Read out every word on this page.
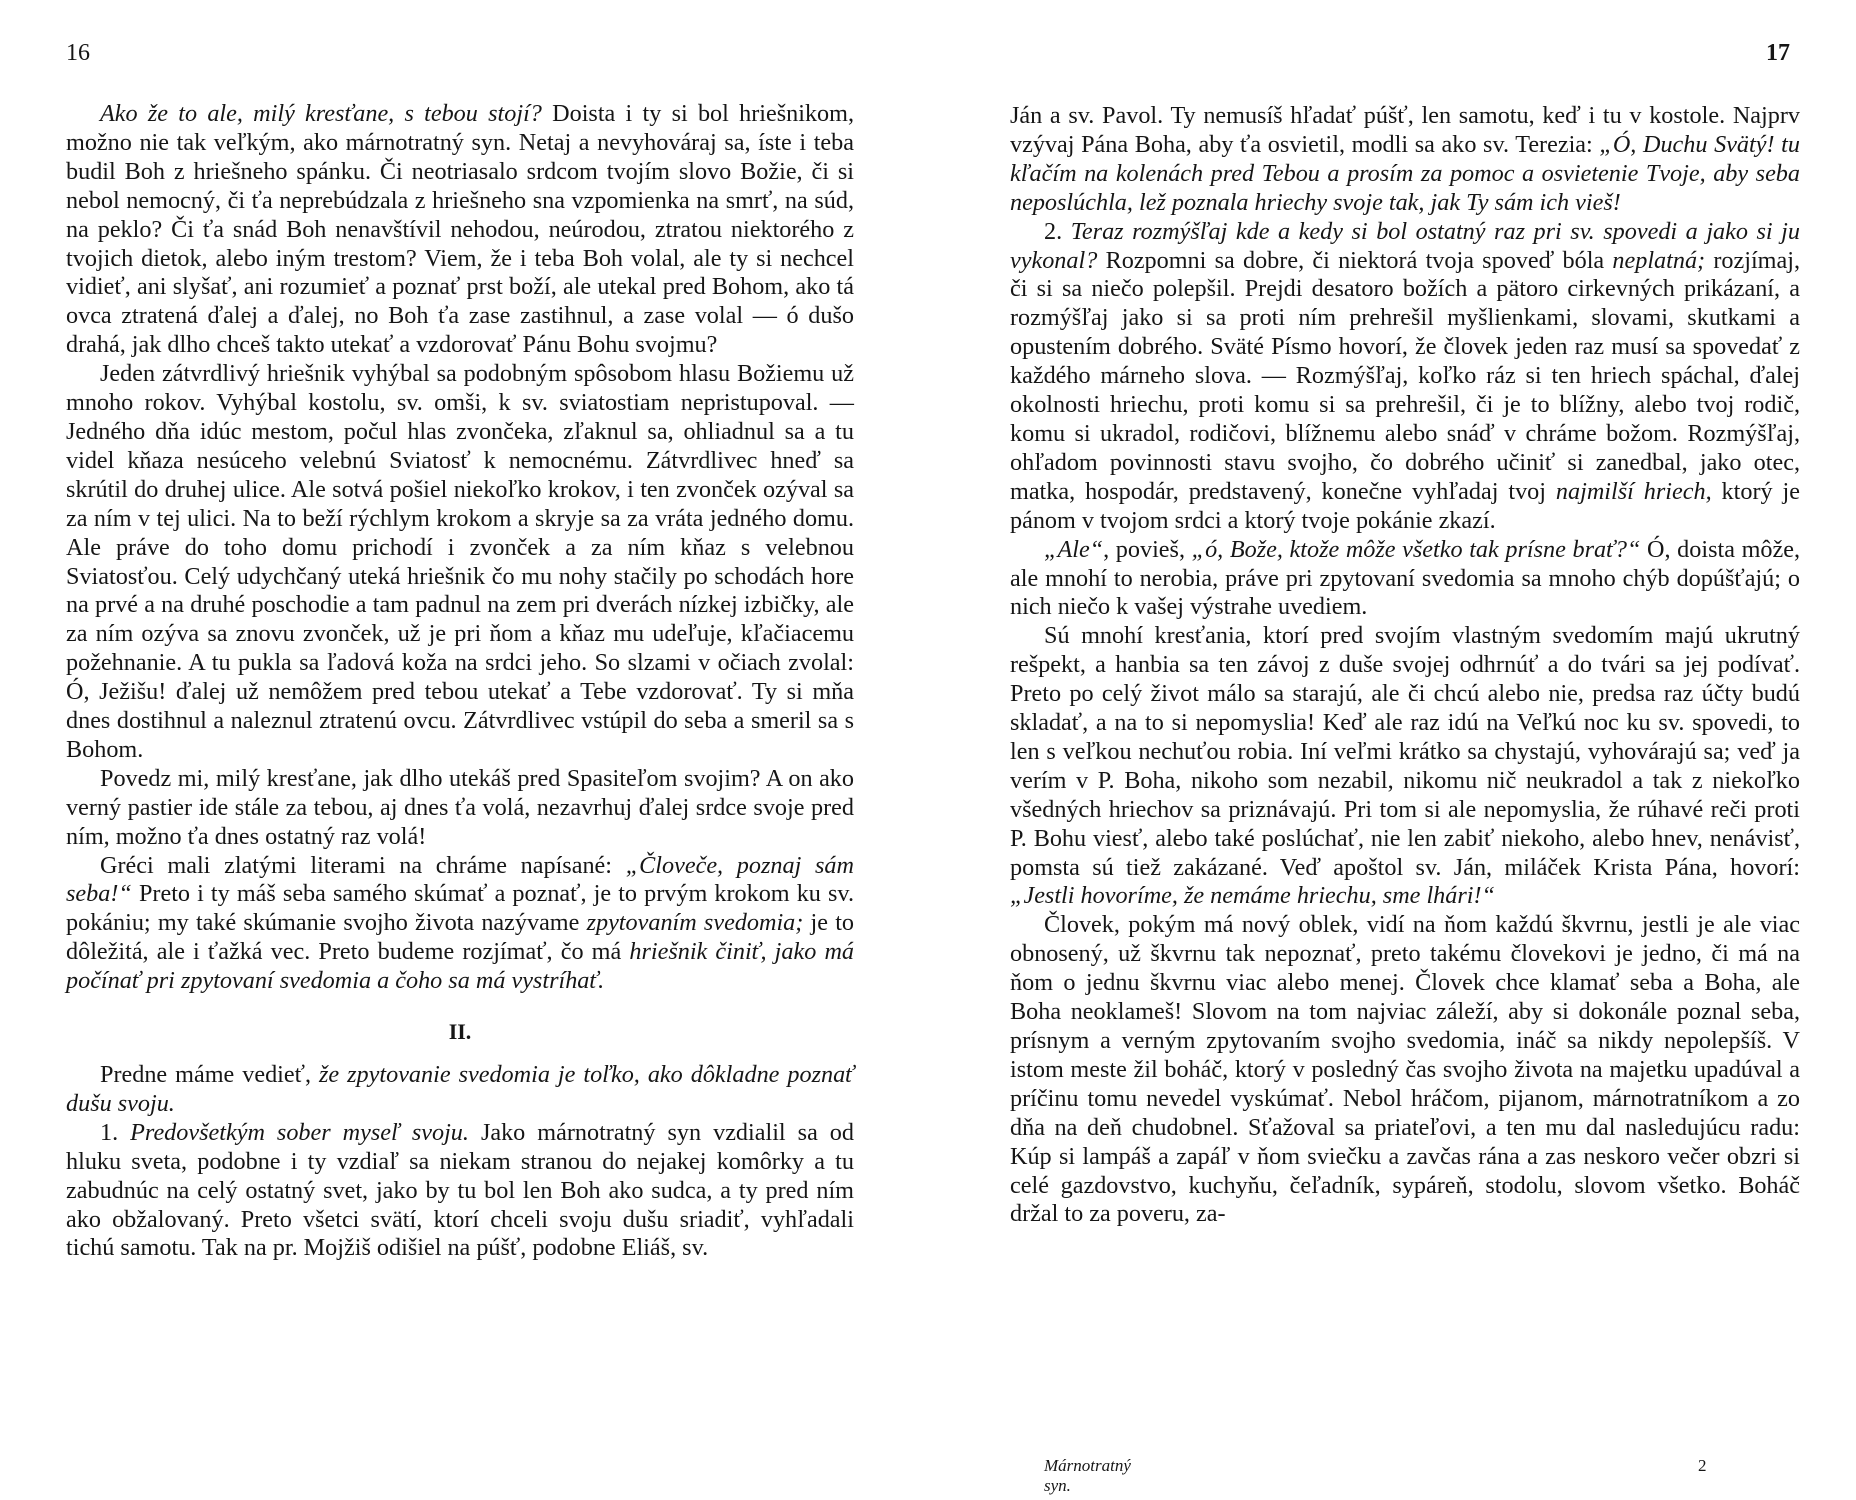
16

Ako že to ale, milý kresťane, s tebou stojí? Doista i ty si bol hriešnikom, možno nie tak veľkým, ako márnotratný syn. Netaj a nevyhováraj sa, íste i teba budil Boh z hriešneho spánku. Či neotriasalo srdcom tvojím slovo Božie, či si nebol nemocný, či ťa neprebúdzala z hriešneho sna vzpomienka na smrť, na súd, na peklo? Či ťa snád Boh nenavštívil nehodou, neúrodou, ztratou niektorého z tvojich dietok, alebo iným trestom? Viem, že i teba Boh volal, ale ty si nechcel vidieť, ani slyšať, ani rozumieť a poznať prst boží, ale utekal pred Bohom, ako tá ovca ztratená ďalej a ďalej, no Boh ťa zase zastihnul, a zase volal — ó dušo drahá, jak dlho chceš takto utekať a vzdorovať Pánu Bohu svojmu?

Jeden zátvrdlivý hriešnik vyhýbal sa podobným spôsobom hlasu Božiemu už mnoho rokov. Vyhýbal kostolu, sv. omši, k sv. sviatostiam nepristupoval. — Jedného dňa idúc mestom, počul hlas zvončeka, zľaknul sa, ohliadnul sa a tu videl kňaza nesúceho velebnú Sviatosť k nemocnému. Zátvrdlivec hneď sa skrútil do druhej ulice. Ale sotvá pošiel niekoľko krokov, i ten zvonček ozýval sa za ním v tej ulici. Na to beží rýchlym krokom a skryje sa za vráta jedného domu. Ale práve do toho domu prichodí i zvonček a za ním kňaz s velebnou Sviatosťou. Celý udychčaný uteká hriešnik čo mu nohy stačily po schodách hore na prvé a na druhé poschodie a tam padnul na zem pri dverách nízkej izbičky, ale za ním ozýva sa znovu zvonček, už je pri ňom a kňaz mu udeľuje, kľačiacemu požehnanie. A tu pukla sa ľadová koža na srdci jeho. So slzami v očiach zvolal: Ó, Ježišu! ďalej už nemôžem pred tebou utekať a Tebe vzdorovať. Ty si mňa dnes dostihnul a naleznul ztratenú ovcu. Zátvrdlivec vstúpil do seba a smeril sa s Bohom.

Povedz mi, milý kresťane, jak dlho utekáš pred Spasiteľom svojim? A on ako verný pastier ide stále za tebou, aj dnes ťa volá, nezavrhuj ďalej srdce svoje pred ním, možno ťa dnes ostatný raz volá!

Gréci mali zlatými literami na chráme napísané: „Človeče, poznaj sám seba!“ Preto i ty máš seba samého skúmať a poznať, je to prvým krokom ku sv. pokániu; my také skúmanie svojho života nazývame zpytovaním svedomia; je to dôležitá, ale i ťažká vec. Preto budeme rozjímať, čo má hriešnik činiť, jako má počínať pri zpytovaní svedomia a čoho sa má vystríhať.

II.

Predne máme vedieť, že zpytovanie svedomia je toľko, ako dôkladne poznať dušu svoju.

1. Predovšetkým sober myseľ svoju. Jako márnotratný syn vzdialil sa od hluku sveta, podobne i ty vzdiaľ sa niekam stranou do nejakej komôrky a tu zabudnúc na celý ostatný svet, jako by tu bol len Boh ako sudca, a ty pred ním ako obžalovaný. Preto všetci svätí, ktorí chceli svoju dušu sriadiť, vyhľadali tichú samotu. Tak na pr. Mojžiš odišiel na púšť, podobne Eliáš, sv.

17

Ján a sv. Pavol. Ty nemusíš hľadať púšť, len samotu, keď i tu v kostole. Najprv vzývaj Pána Boha, aby ťa osvietil, modli sa ako sv. Terezia: „Ó, Duchu Svätý! tu kľačím na kolenách pred Tebou a prosím za pomoc a osvietenie Tvoje, aby seba neposlúchla, lež poznala hriechy svoje tak, jak Ty sám ich vieš!

2. Teraz rozmýšľaj kde a kedy si bol ostatný raz pri sv. spovedi a jako si ju vykonal? Rozpomni sa dobre, či niektorá tvoja spoveď bóla neplatná; rozjímaj, či si sa niečo polepšil. Prejdi desatoro božích a pätoro cirkevných prikázaní, a rozmýšľaj jako si sa proti ním prehrešil myšlienkami, slovami, skutkami a opustením dobrého. Sväté Písmo hovorí, že človek jeden raz musí sa spovedať z každého márneho slova. — Rozmýšľaj, koľko ráz si ten hriech spáchal, ďalej okolnosti hriechu, proti komu si sa prehrešil, či je to blížny, alebo tvoj rodič, komu si ukradol, rodičovi, blížnemu alebo snáď v chráme božom. Rozmýšľaj, ohľadom povinnosti stavu svojho, čo dobrého učiniť si zanedbal, jako otec, matka, hospodár, predstavený, konečne vyhľadaj tvoj najmilší hriech, ktorý je pánom v tvojom srdci a ktorý tvoje pokánie zkazí.

„Ale“, povieš, „ó, Bože, ktože môže všetko tak prísne brať?“ Ó, doista môže, ale mnohí to nerobia, práve pri zpytovaní svedomia sa mnoho chýb dopúšťajú; o nich niečo k vašej výstrahe uvediem.

Sú mnohí kresťania, ktorí pred svojím vlastným svedomím majú ukrutný rešpekt, a hanbia sa ten závoj z duše svojej odhrnúť a do tvári sa jej podívať. Preto po celý život málo sa starajú, ale či chcú alebo nie, predsa raz účty budú skladať, a na to si nepomyslia! Keď ale raz idú na Veľkú noc ku sv. spovedi, to len s veľkou nechuťou robia. Iní veľmi krátko sa chystajú, vyhovárajú sa; veď ja verím v P. Boha, nikoho som nezabil, nikomu nič neukradol a tak z niekoľko všedných hriechov sa priznávajú. Pri tom si ale nepomyslia, že rúhavé reči proti P. Bohu viesť, alebo také poslúchať, nie len zabiť niekoho, alebo hnev, nenávisť, pomsta sú tiež zakázané. Veď apoštol sv. Ján, miláček Krista Pána, hovorí: „Jestli hovoríme, že nemáme hriechu, sme lhári!“

Človek, pokým má nový oblek, vidí na ňom každú škvrnu, jestli je ale viac obnosený, už škvrnu tak nepoznať, preto takému človekovi je jedno, či má na ňom o jednu škvrnu viac alebo menej. Človek chce klamať seba a Boha, ale Boha neoklameš! Slovom na tom najviac záleží, aby si dokonále poznal seba, prísnym a verným zpytovaním svojho svedomia, ináč sa nikdy nepolepšíš. V istom meste žil boháč, ktorý v posledný čas svojho života na majetku upadúval a príčinu tomu nevedel vyskúmať. Nebol hráčom, pijanom, márnotratníkom a zo dňa na deň chudobnel. Sťažoval sa priateľovi, a ten mu dal nasledujúcu radu: Kúp si lampáš a zapáľ v ňom sviečku a zavčas rána a zas neskoro večer obzri si celé gazdovstvo, kuchyňu, čeľadník, sypáreň, stodolu, slovom všetko. Boháč držal to za poveru, za-

Márnotratný syn.
2
